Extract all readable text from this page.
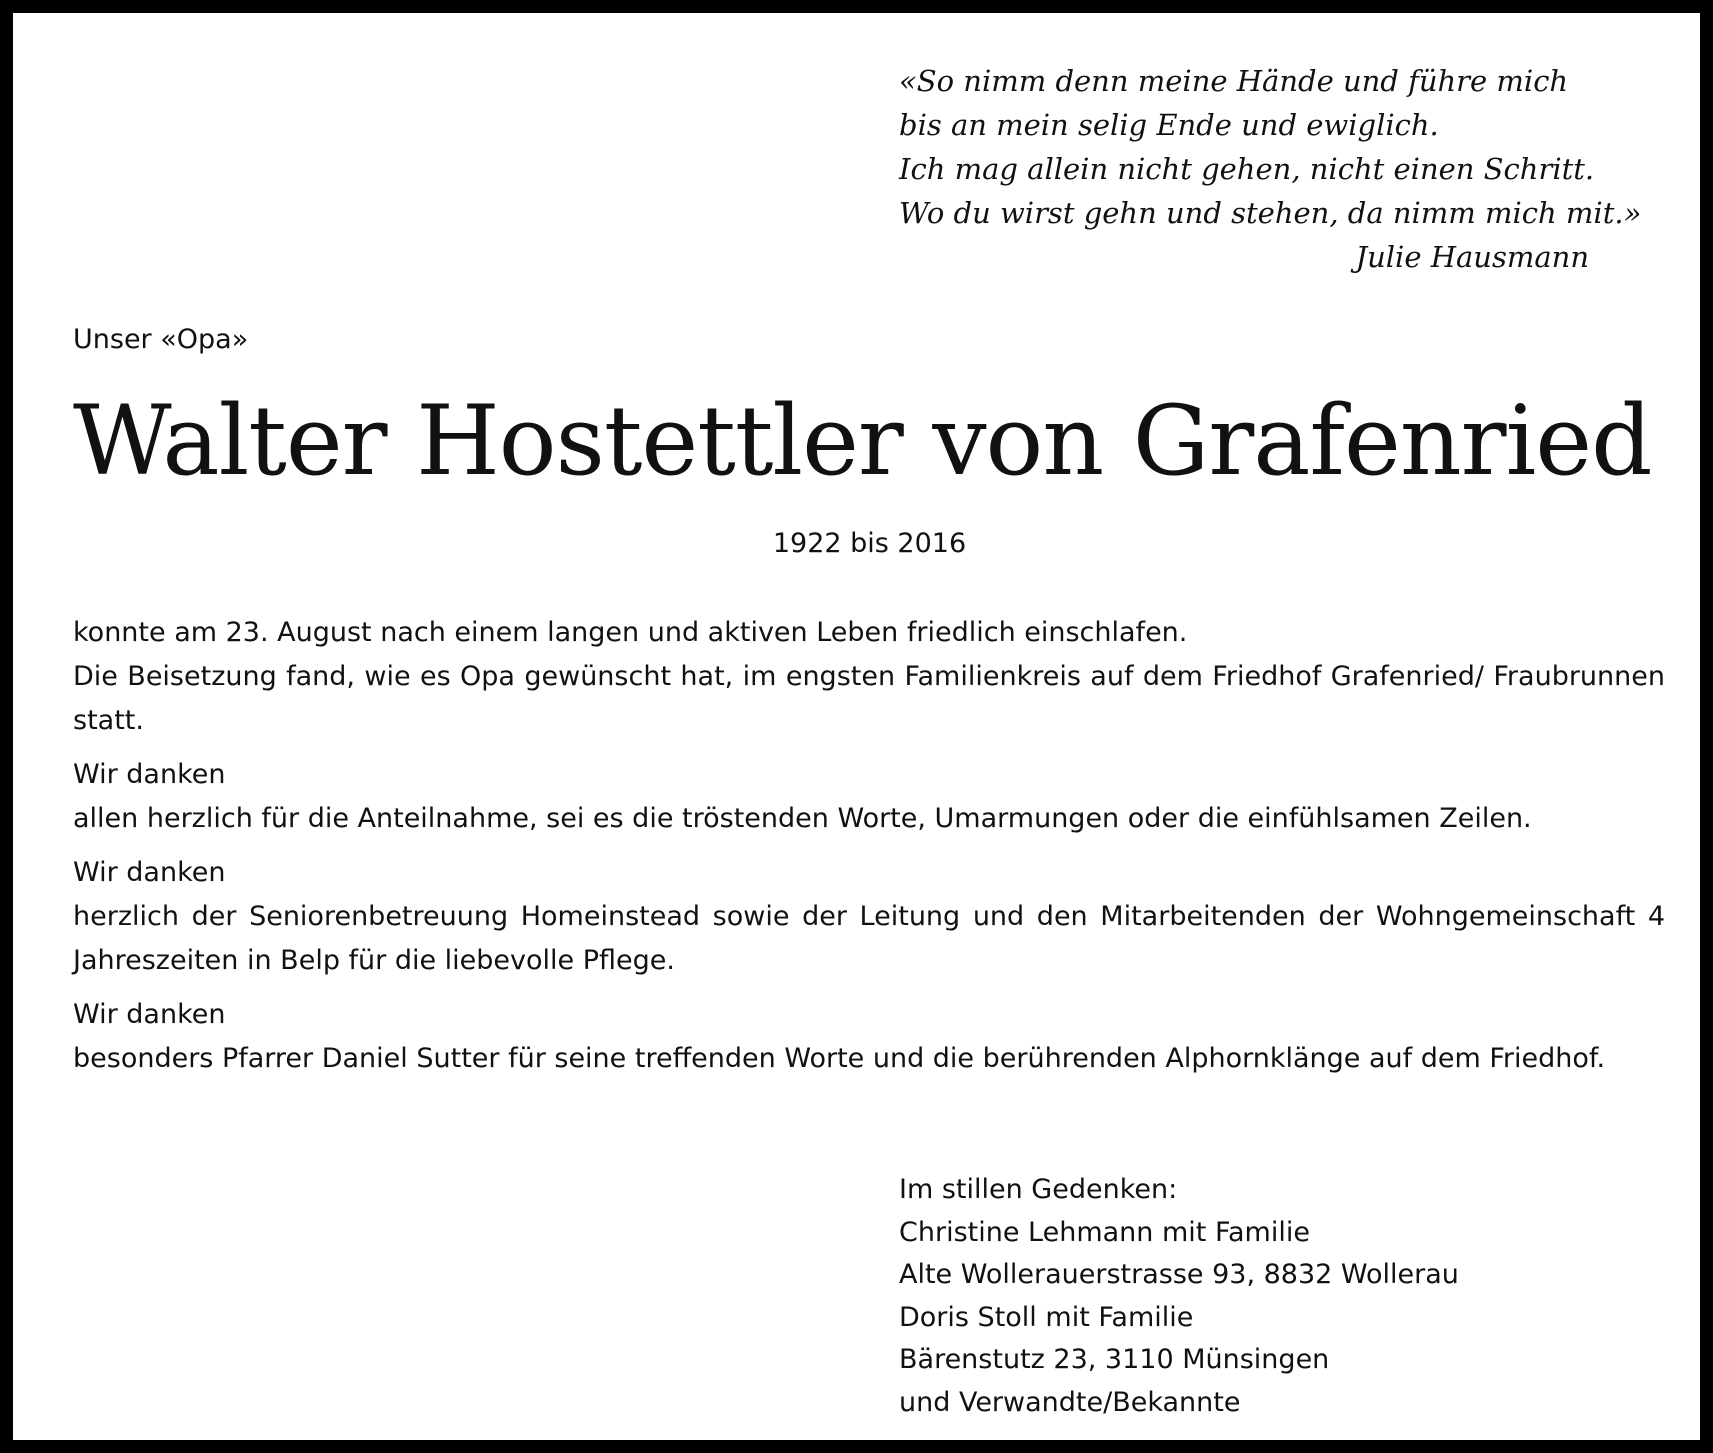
«So nimm denn meine Hände und führe mich
bis an mein selig Ende und ewiglich.
Ich mag allein nicht gehen, nicht einen Schritt.
Wo du wirst gehn und stehen, da nimm mich mit.»
Julie Hausmann
Unser «Opa»
Walter Hostettler von Grafenried
1922 bis 2016

konnte am 23. August nach einem langen und aktiven Leben friedlich einschlafen.

Die Beisetzung fand, wie es Opa gewünscht hat, im engsten Familienkreis auf dem Friedhof Grafenried/ Fraubrunnen statt.

Wir danken

allen herzlich für die Anteilnahme, sei es die tröstenden Worte, Umarmungen oder die einfühlsamen Zeilen.

Wir danken

herzlich der Seniorenbetreuung Homeinstead sowie der Leitung und den Mitarbeitenden der Wohngemeinschaft 4 Jahreszeiten in Belp für die liebevolle Pflege.

Wir danken

besonders Pfarrer Daniel Sutter für seine treffenden Worte und die berührenden Alphornklänge auf dem Friedhof.

Im stillen Gedenken:
Christine Lehmann mit Familie
Alte Wollerauerstrasse 93, 8832 Wollerau
Doris Stoll mit Familie
Bärenstutz 23, 3110 Münsingen
und Verwandte/Bekannte
